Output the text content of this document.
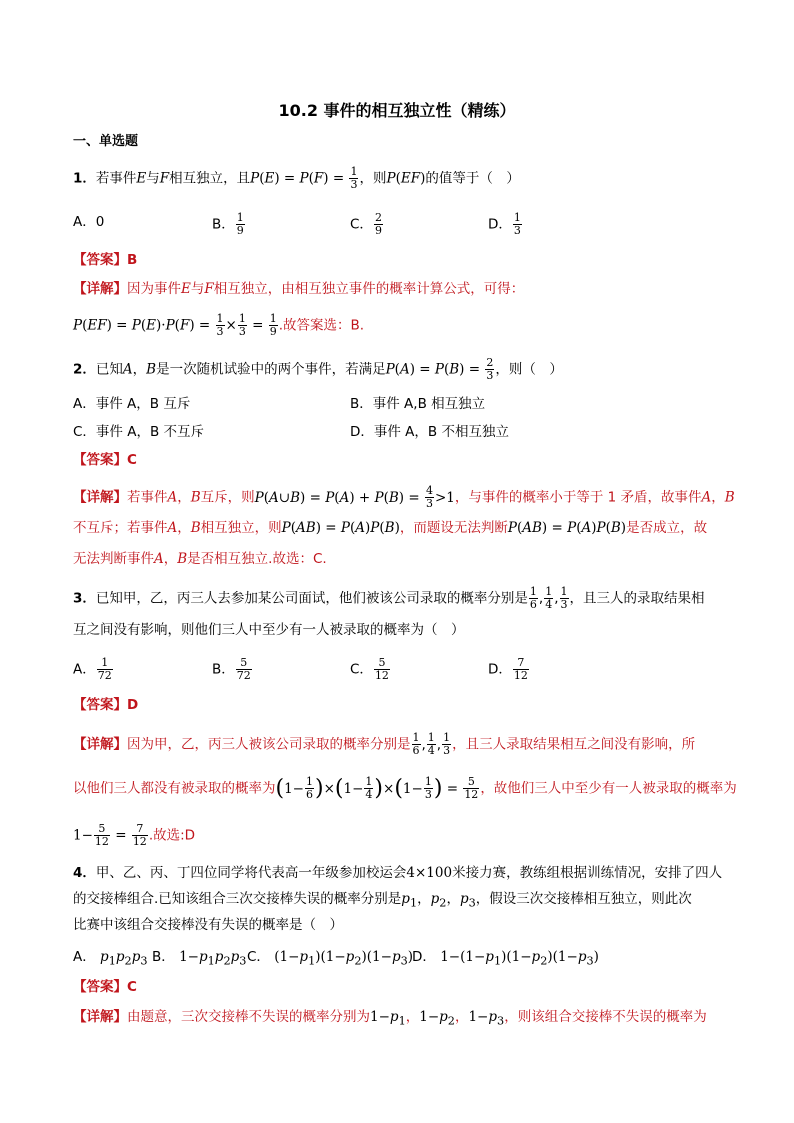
10.2 事件的相互独立性（精练）
一、单选题
1．若事件E与F相互独立，且$P(E) = P(F) = \frac{1}{3}$ ，则P(EF)的值等于（　）
A．0	B． $\frac{1}{9}$	C． $\frac{2}{9}$	D． $\frac{1}{3}$
【答案】B
【详解】因为事件E与F相互独立，由相互独立事件的概率计算公式，可得：
$P(EF) = P(E)\cdot P(F) = \frac{1}{3} \times \frac{1}{3} = \frac{1}{9}$ .故答案选：B.
2．已知A，B是一次随机试验中的两个事件，若满足$P(A) = P(B) = \frac{2}{3}$ ，则（　）
A．事件 A，B 互斥	B．事件 A,B 相互独立
C．事件 A，B 不互斥	D．事件 A，B 不相互独立
【答案】C
【详解】若事件A，B互斥，则P(A∪B) = $P(A) + P(B) = \frac{4}{3} >1$，与事件的概率小于等于 1 矛盾，故事件A，B
不互斥；若事件A，B相互独立，则P(AB) = P(A)P(B)，而题设无法判断P(AB) = P(A)P(B)是否成立，故
无法判断事件A，B是否相互独立.故选：C.
3．已知甲，乙，丙三人去参加某公司面试，他们被该公司录取的概率分别是 $\frac{1}{6}$ , $\frac{1}{4}$ , $\frac{1}{3}$ ，且三人的录取结果相
互之间没有影响，则他们三人中至少有一人被录取的概率为（　）
A． $\frac{1}{72}$	B． $\frac{5}{72}$	C． $\frac{5}{12}$	D． $\frac{7}{12}$
【答案】D
【详解】因为甲，乙，丙三人被该公司录取的概率分别是 $\frac{1}{6}$ , $\frac{1}{4}$ , $\frac{1}{3}$ ，且三人录取结果相互之间没有影响，所
以他们三人都没有被录取的概率为$(1- \frac{1}{6} )\times(1- \frac{1}{4} )\times(1- \frac{1}{3}$ ) = $\frac{5}{12}$ ，故他们三人中至少有一人被录取的概率为
$1- \frac{5}{12} = \frac{7}{12}$ .故选:D
4．甲、乙、丙、丁四位同学将代表高一年级参加校运会4×100米接力赛，教练组根据训练情况，安排了四人
的交接棒组合.已知该组合三次交接棒失误的概率分别是$p_1$，$p_2$，$p_3$，假设三次交接棒相互独立，则此次
比赛中该组合交接棒没有失误的概率是（　）
A． $p_1p_2p_3$ B． $1-p_1p_2p_3$ C． $(1-p_1)(1-p_2)(1-p_3)$
D． $1-(1-p_1)(1-p_2)(1-p_3)$
【答案】C
【详解】由题意，三次交接棒不失误的概率分别为$1-p_1$，$1-p_2$，$1-p_3$，则该组合交接棒不失误的概率为
